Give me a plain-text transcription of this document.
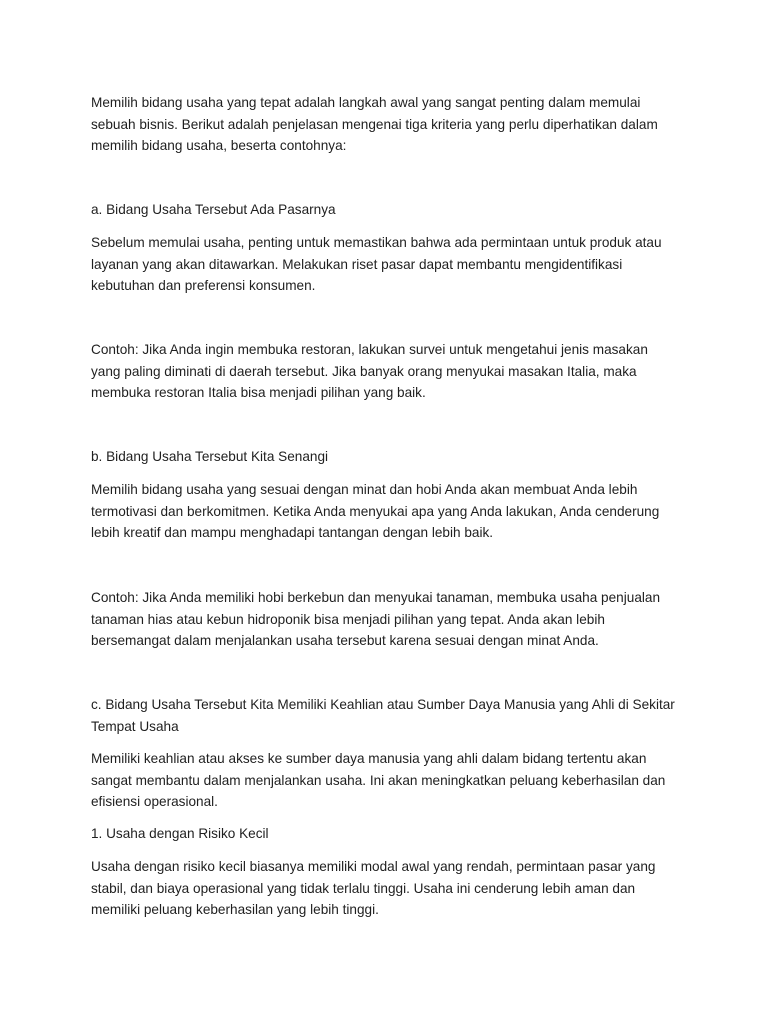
Memilih bidang usaha yang tepat adalah langkah awal yang sangat penting dalam memulai
sebuah bisnis. Berikut adalah penjelasan mengenai tiga kriteria yang perlu diperhatikan dalam
memilih bidang usaha, beserta contohnya:

a. Bidang Usaha Tersebut Ada Pasarnya

Sebelum memulai usaha, penting untuk memastikan bahwa ada permintaan untuk produk atau
layanan yang akan ditawarkan. Melakukan riset pasar dapat membantu mengidentifikasi
kebutuhan dan preferensi konsumen.

Contoh: Jika Anda ingin membuka restoran, lakukan survei untuk mengetahui jenis masakan
yang paling diminati di daerah tersebut. Jika banyak orang menyukai masakan Italia, maka
membuka restoran Italia bisa menjadi pilihan yang baik.

b. Bidang Usaha Tersebut Kita Senangi

Memilih bidang usaha yang sesuai dengan minat dan hobi Anda akan membuat Anda lebih
termotivasi dan berkomitmen. Ketika Anda menyukai apa yang Anda lakukan, Anda cenderung
lebih kreatif dan mampu menghadapi tantangan dengan lebih baik.

Contoh: Jika Anda memiliki hobi berkebun dan menyukai tanaman, membuka usaha penjualan
tanaman hias atau kebun hidroponik bisa menjadi pilihan yang tepat. Anda akan lebih
bersemangat dalam menjalankan usaha tersebut karena sesuai dengan minat Anda.

c. Bidang Usaha Tersebut Kita Memiliki Keahlian atau Sumber Daya Manusia yang Ahli di Sekitar
Tempat Usaha

Memiliki keahlian atau akses ke sumber daya manusia yang ahli dalam bidang tertentu akan
sangat membantu dalam menjalankan usaha. Ini akan meningkatkan peluang keberhasilan dan
efisiensi operasional.

1. Usaha dengan Risiko Kecil

Usaha dengan risiko kecil biasanya memiliki modal awal yang rendah, permintaan pasar yang
stabil, dan biaya operasional yang tidak terlalu tinggi. Usaha ini cenderung lebih aman dan
memiliki peluang keberhasilan yang lebih tinggi.
